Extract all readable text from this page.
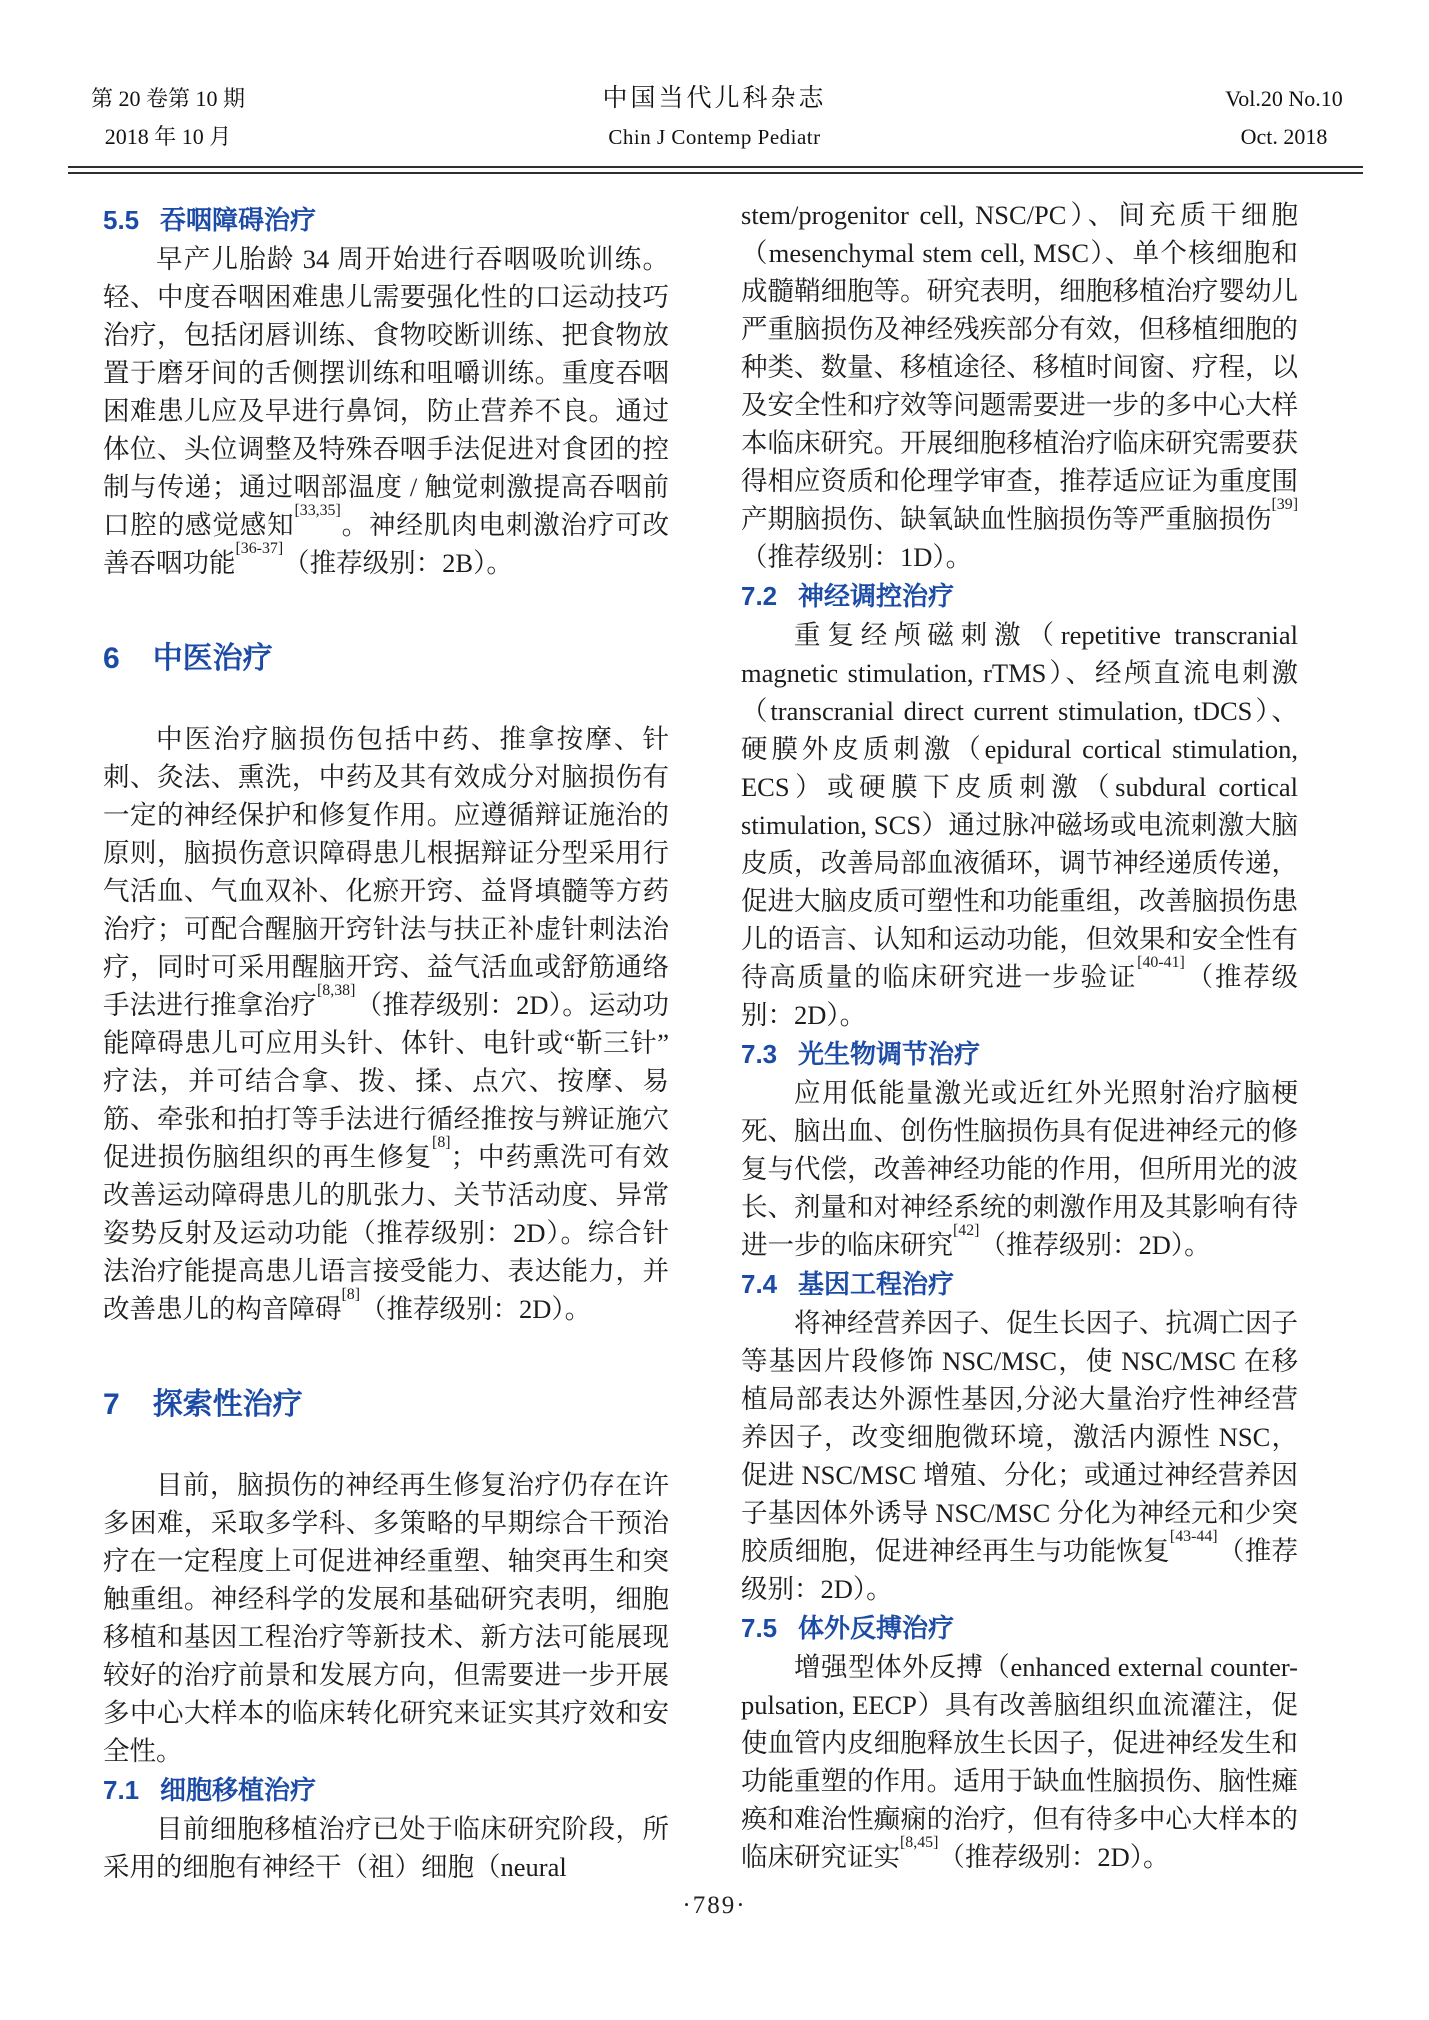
第 20 卷第 10 期
2018 年 10 月
中国当代儿科杂志
Chin J Contemp Pediatr
Vol.20 No.10
Oct. 2018
5.5 吞咽障碍治疗

早产儿胎龄 34 周开始进行吞咽吸吮训练。轻、中度吞咽困难患儿需要强化性的口运动技巧治疗，包括闭唇训练、食物咬断训练、把食物放置于磨牙间的舌侧摆训练和咀嚼训练。重度吞咽困难患儿应及早进行鼻饲，防止营养不良。通过体位、头位调整及特殊吞咽手法促进对食团的控制与传递；通过咽部温度 / 触觉刺激提高吞咽前口腔的感觉感知[33,35]。神经肌肉电刺激治疗可改善吞咽功能[36-37]（推荐级别：2B）。

6 中医治疗

中医治疗脑损伤包括中药、推拿按摩、针刺、灸法、熏洗，中药及其有效成分对脑损伤有一定的神经保护和修复作用。应遵循辩证施治的原则，脑损伤意识障碍患儿根据辩证分型采用行气活血、气血双补、化瘀开窍、益肾填髓等方药治疗；可配合醒脑开窍针法与扶正补虚针刺法治疗，同时可采用醒脑开窍、益气活血或舒筋通络手法进行推拿治疗[8,38]（推荐级别：2D）。运动功能障碍患儿可应用头针、体针、电针或“靳三针”疗法，并可结合拿、拨、揉、点穴、按摩、易筋、牵张和拍打等手法进行循经推按与辨证施穴促进损伤脑组织的再生修复[8]；中药熏洗可有效改善运动障碍患儿的肌张力、关节活动度、异常姿势反射及运动功能（推荐级别：2D）。综合针法治疗能提高患儿语言接受能力、表达能力，并改善患儿的构音障碍[8]（推荐级别：2D）。

7 探索性治疗

目前，脑损伤的神经再生修复治疗仍存在许多困难，采取多学科、多策略的早期综合干预治疗在一定程度上可促进神经重塑、轴突再生和突触重组。神经科学的发展和基础研究表明，细胞移植和基因工程治疗等新技术、新方法可能展现较好的治疗前景和发展方向，但需要进一步开展多中心大样本的临床转化研究来证实其疗效和安全性。

7.1 细胞移植治疗

目前细胞移植治疗已处于临床研究阶段，所采用的细胞有神经干（祖）细胞（neural

stem/progenitor cell, NSC/PC）、间充质干细胞（mesenchymal stem cell, MSC）、单个核细胞和成髓鞘细胞等。研究表明，细胞移植治疗婴幼儿严重脑损伤及神经残疾部分有效，但移植细胞的种类、数量、移植途径、移植时间窗、疗程，以及安全性和疗效等问题需要进一步的多中心大样本临床研究。开展细胞移植治疗临床研究需要获得相应资质和伦理学审查，推荐适应证为重度围产期脑损伤、缺氧缺血性脑损伤等严重脑损伤[39]（推荐级别：1D）。

7.2 神经调控治疗

重复经颅磁刺激（repetitive transcranial magnetic stimulation, rTMS）、经颅直流电刺激（transcranial direct current stimulation, tDCS）、硬膜外皮质刺激（epidural cortical stimulation, ECS）或硬膜下皮质刺激（subdural cortical stimulation, SCS）通过脉冲磁场或电流刺激大脑皮质，改善局部血液循环，调节神经递质传递，促进大脑皮质可塑性和功能重组，改善脑损伤患儿的语言、认知和运动功能，但效果和安全性有待高质量的临床研究进一步验证[40-41]（推荐级别：2D）。

7.3 光生物调节治疗

应用低能量激光或近红外光照射治疗脑梗死、脑出血、创伤性脑损伤具有促进神经元的修复与代偿，改善神经功能的作用，但所用光的波长、剂量和对神经系统的刺激作用及其影响有待进一步的临床研究[42]（推荐级别：2D）。

7.4 基因工程治疗

将神经营养因子、促生长因子、抗凋亡因子等基因片段修饰 NSC/MSC，使 NSC/MSC 在移植局部表达外源性基因,分泌大量治疗性神经营养因子，改变细胞微环境，激活内源性 NSC，促进 NSC/MSC 增殖、分化；或通过神经营养因子基因体外诱导 NSC/MSC 分化为神经元和少突胶质细胞，促进神经再生与功能恢复[43-44]（推荐级别：2D）。

7.5 体外反搏治疗

增强型体外反搏（enhanced external counter-pulsation, EECP）具有改善脑组织血流灌注，促使血管内皮细胞释放生长因子，促进神经发生和功能重塑的作用。适用于缺血性脑损伤、脑性瘫痪和难治性癫痫的治疗，但有待多中心大样本的临床研究证实[8,45]（推荐级别：2D）。

·789·
